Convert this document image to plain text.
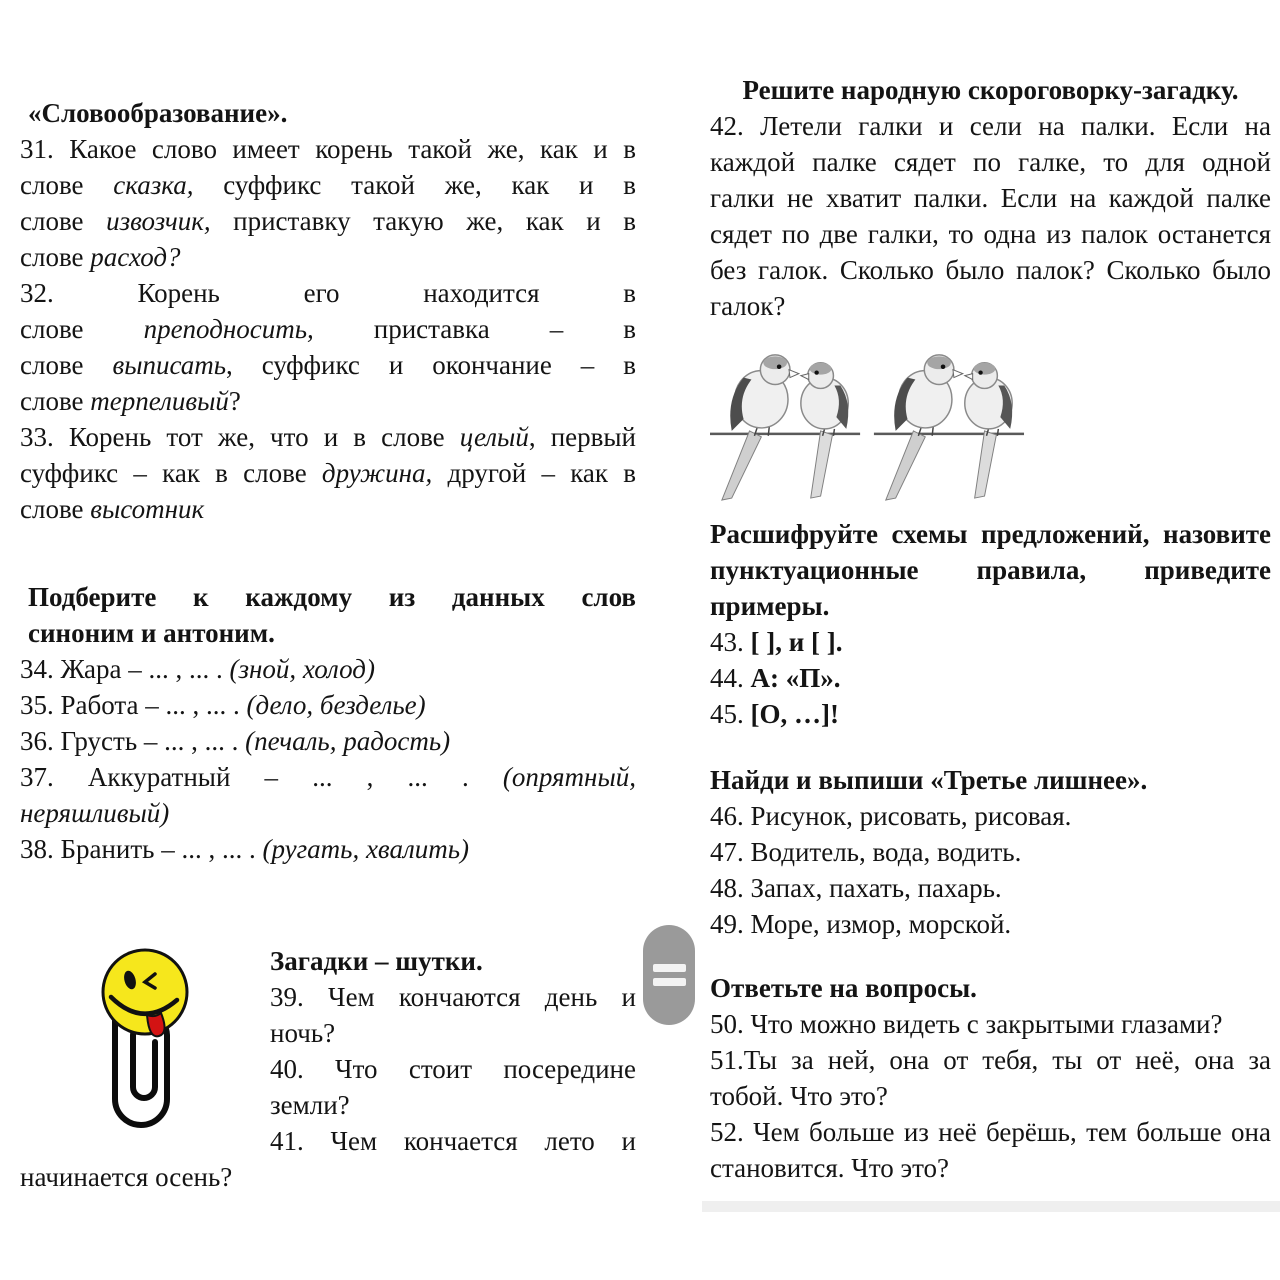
«Словообразование».

31. Какое слово имеет корень такой же, как и в
слове сказка, суффикс такой же, как и в
слове извозчик, приставку такую же, как и в
слове расход?

32. Корень его находится в
слове преподносить, приставка – в
слове выписать, суффикс и окончание – в
слове терпеливый?

33. Корень тот же, что и в слове целый, первый
суффикс – как в слове дружина, другой – как в
слове высотник

Подберите к каждому из данных слов
синоним и антоним.

34. Жара – ... , ... . (зной, холод)

35. Работа – ... , ... . (дело, безделье)

36. Грусть – ... , ... . (печаль, радость)

37. Аккуратный – ... , ... . (опрятный,
неряшливый)

38. Бранить – ... , ... . (ругать, хвалить)

Загадки – шутки.

39. Чем кончаются день и
ночь?

40. Что стоит посередине
земли?

41. Чем кончается лето и
начинается осень?

Решите народную скороговорку-загадку.

42. Летели галки и сели на палки. Если на
каждой палке сядет по галке, то для одной
галки не хватит палки. Если на каждой палке
сядет по две галки, то одна из палок останется
без галок. Сколько было палок? Сколько было
галок?

Расшифруйте схемы предложений, назовите
пунктуационные правила, приведите
примеры.

43. [ ], и [ ].

44. А: «П».

45. [О, …]!

Найди и выпиши «Третье лишнее».

46. Рисунок, рисовать, рисовая.

47. Водитель, вода, водить.

48. Запах, пахать, пахарь.

49. Море, измор, морской.

Ответьте на вопросы.

50. Что можно видеть с закрытыми глазами?

51.Ты за ней, она от тебя, ты от неё, она за
тобой. Что это?

52. Чем больше из неё берёшь, тем больше она
становится. Что это?
